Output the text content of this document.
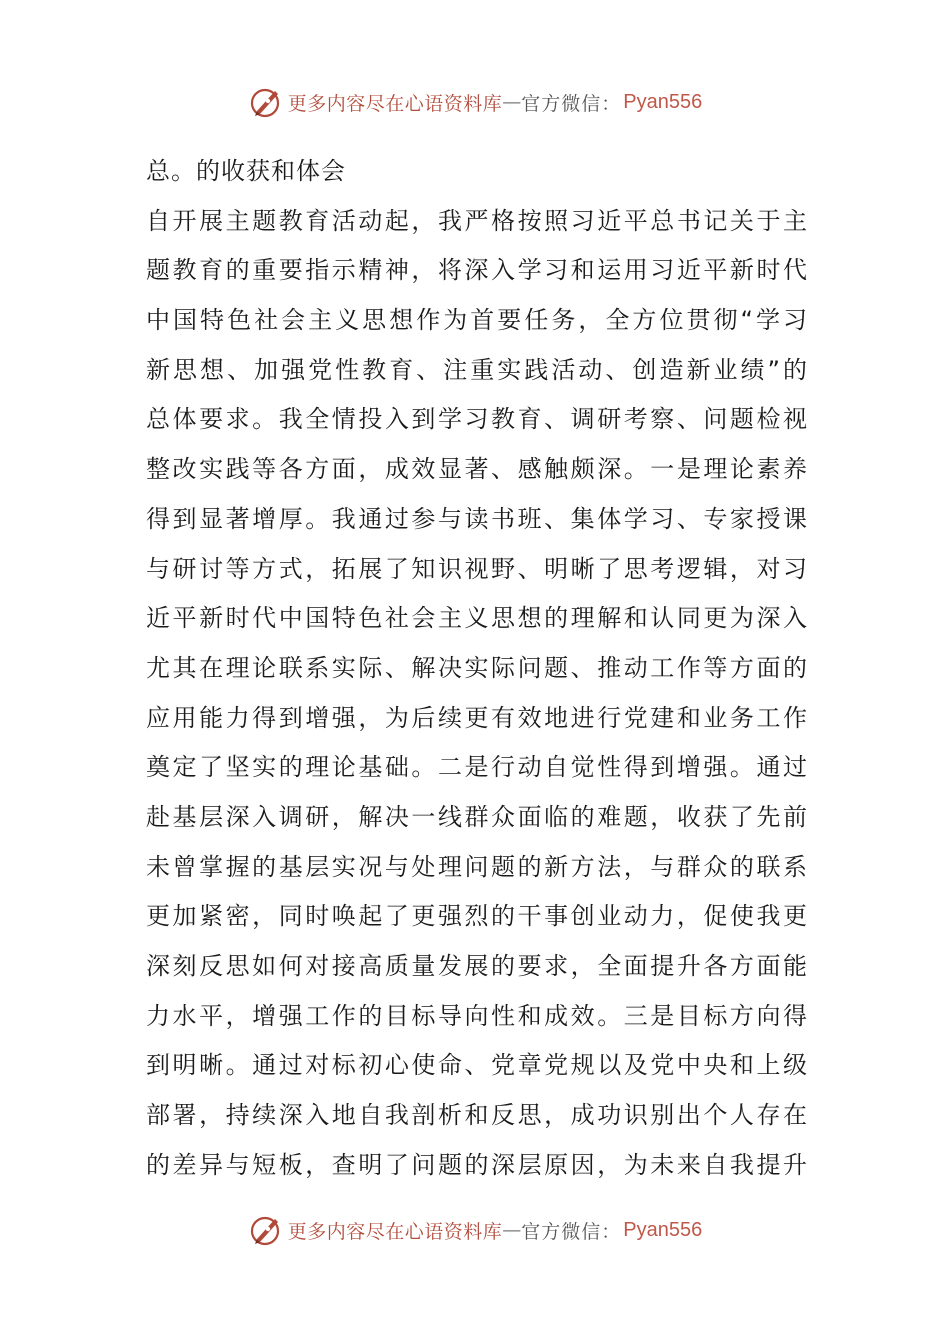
更多内容尽在心语资料库 — 官方微信： Pyan556
总。的收获和体会
自开展主题教育活动起，我严格按照习近平总书记关于主
题教育的重要指示精神，将深入学习和运用习近平新时代
中国特色社会主义思想作为首要任务，全方位贯彻“学习
新思想、加强党性教育、注重实践活动、创造新业绩”的
总体要求。我全情投入到学习教育、调研考察、问题检视
整改实践等各方面，成效显著、感触颇深。一是理论素养
得到显著增厚。我通过参与读书班、集体学习、专家授课
与研讨等方式，拓展了知识视野、明晰了思考逻辑，对习
近平新时代中国特色社会主义思想的理解和认同更为深入
尤其在理论联系实际、解决实际问题、推动工作等方面的
应用能力得到增强，为后续更有效地进行党建和业务工作
奠定了坚实的理论基础。二是行动自觉性得到增强。通过
赴基层深入调研，解决一线群众面临的难题，收获了先前
未曾掌握的基层实况与处理问题的新方法，与群众的联系
更加紧密，同时唤起了更强烈的干事创业动力，促使我更
深刻反思如何对接高质量发展的要求，全面提升各方面能
力水平，增强工作的目标导向性和成效。三是目标方向得
到明晰。通过对标初心使命、党章党规以及党中央和上级
部署，持续深入地自我剖析和反思，成功识别出个人存在
的差异与短板，查明了问题的深层原因，为未来自我提升
更多内容尽在心语资料库 — 官方微信： Pyan556
